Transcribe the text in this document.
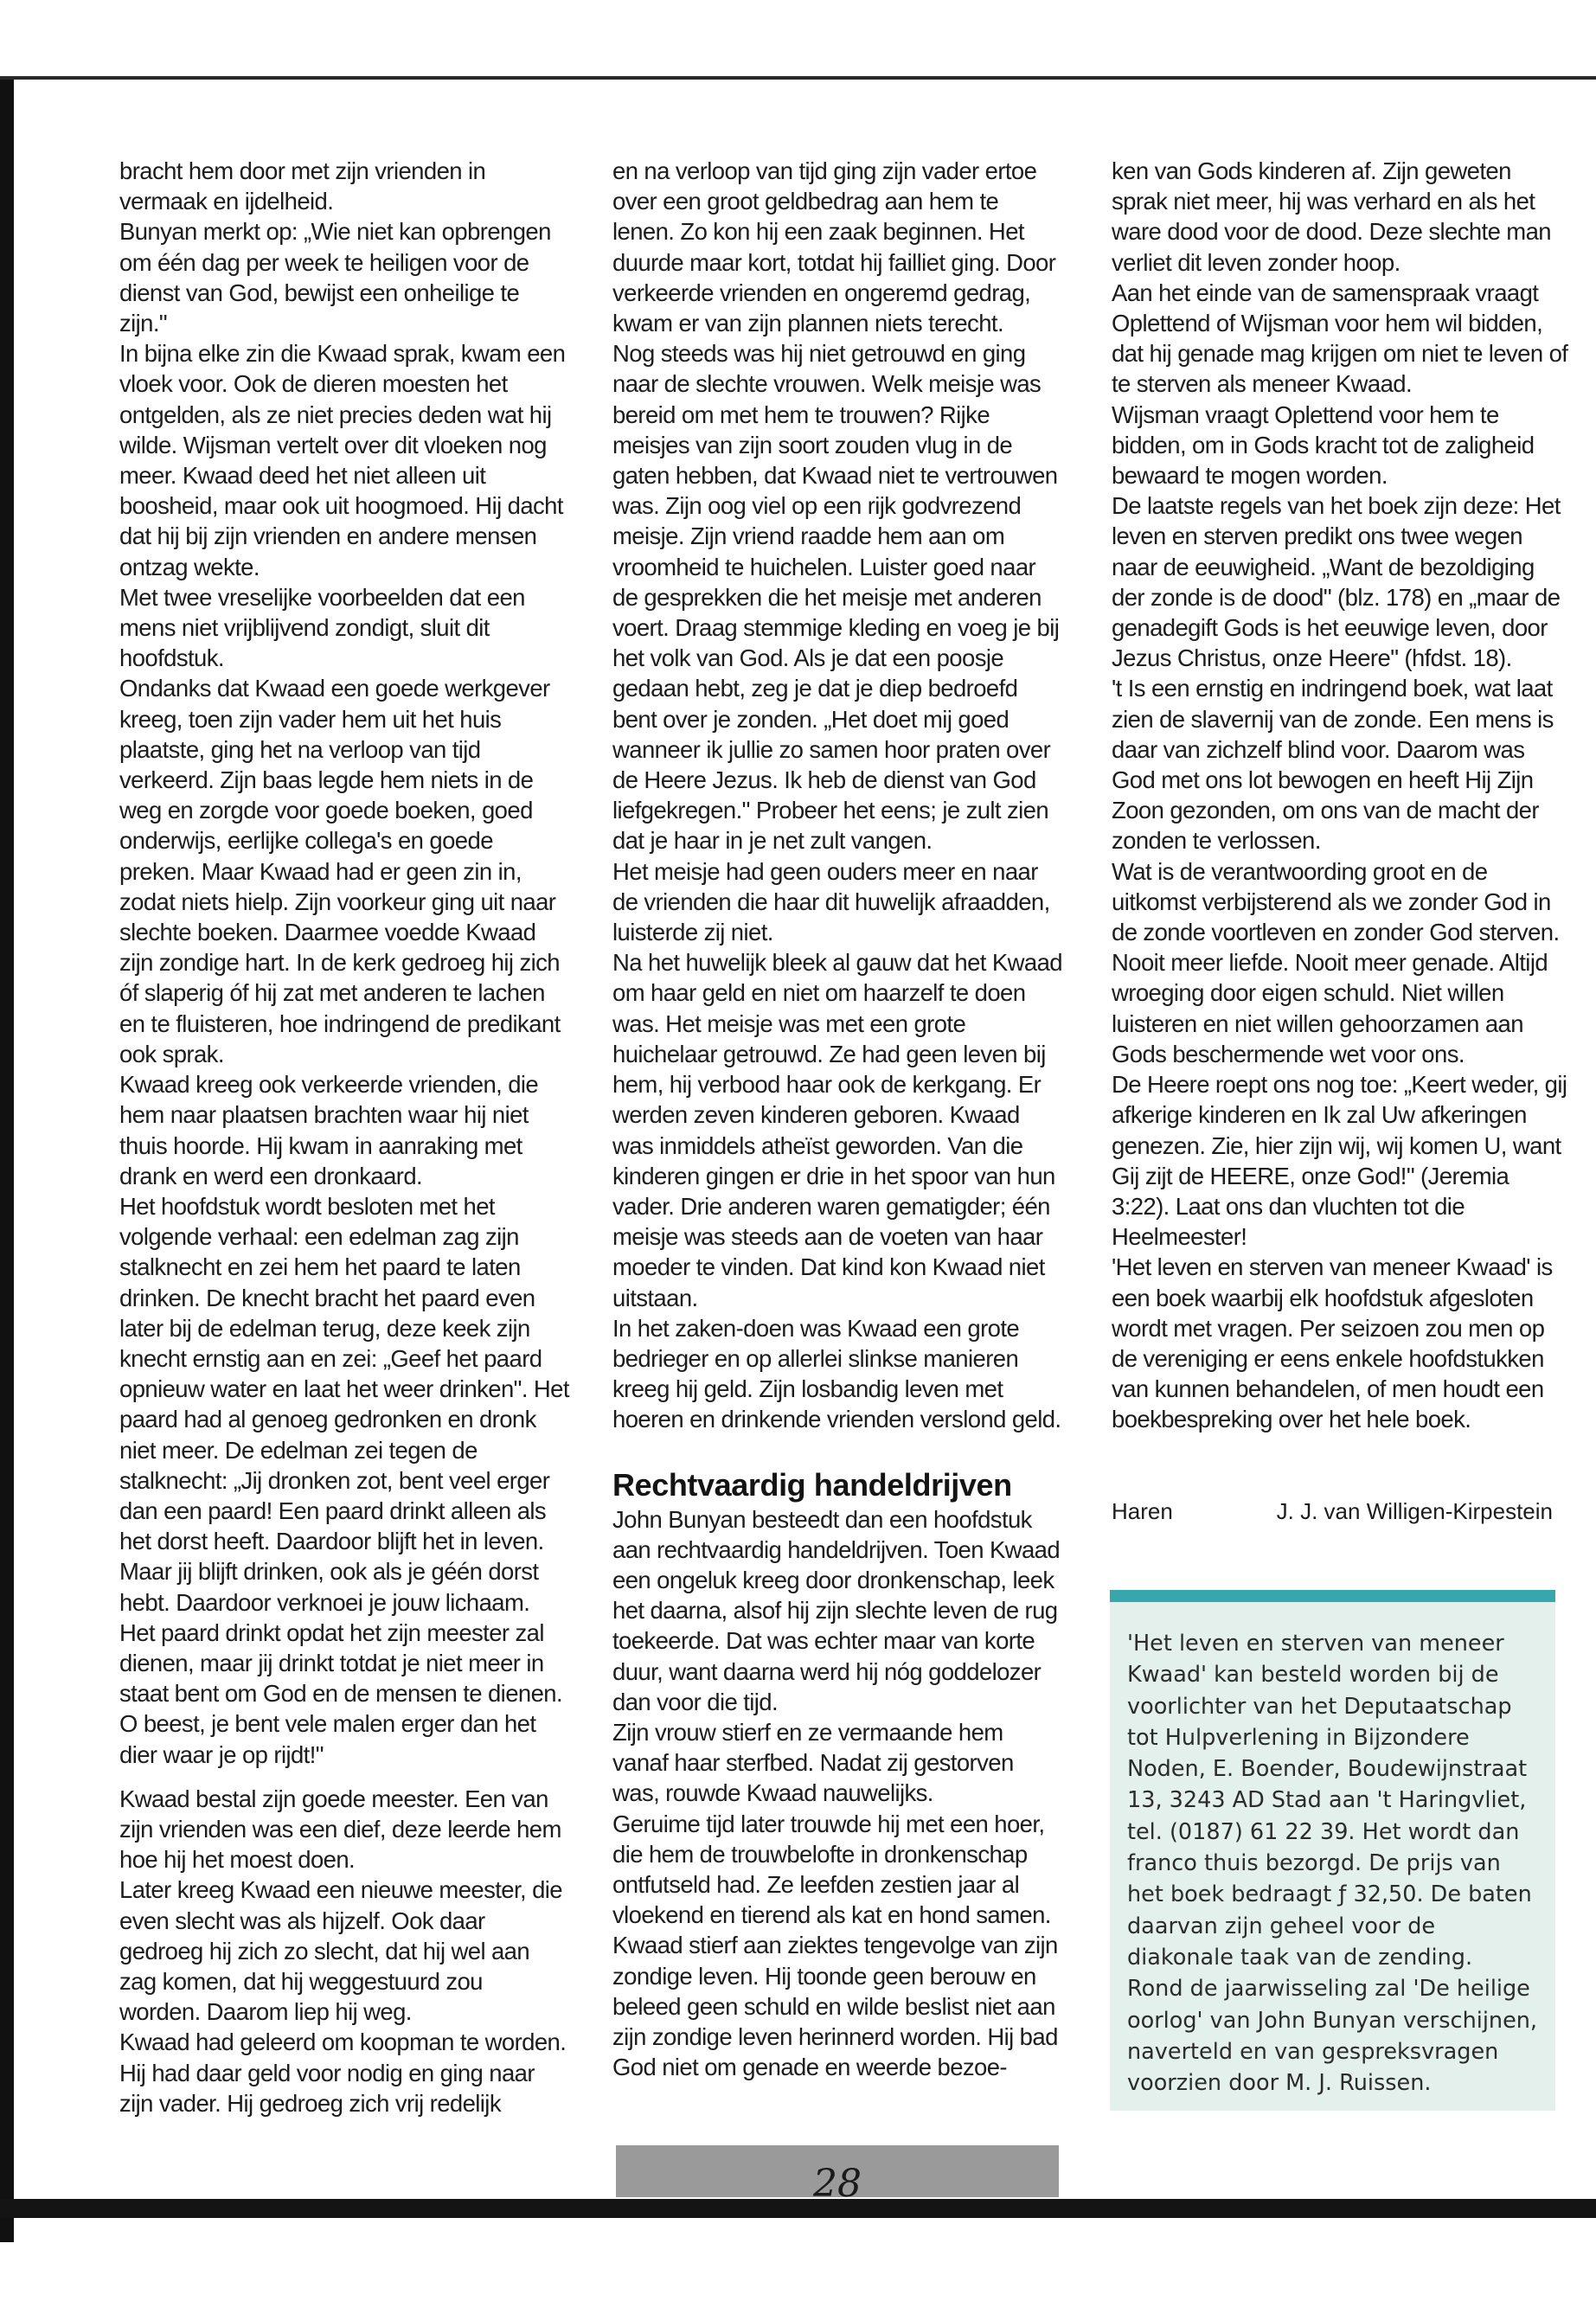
bracht hem door met zijn vrienden in vermaak en ijdelheid.

Bunyan merkt op: „Wie niet kan opbrengen om één dag per week te heiligen voor de dienst van God, bewijst een onheilige te zijn."

In bijna elke zin die Kwaad sprak, kwam een vloek voor. Ook de dieren moesten het ontgelden, als ze niet precies deden wat hij wilde. Wijsman vertelt over dit vloeken nog meer. Kwaad deed het niet alleen uit boosheid, maar ook uit hoogmoed. Hij dacht dat hij bij zijn vrienden en andere mensen ontzag wekte.

Met twee vreselijke voorbeelden dat een mens niet vrijblijvend zondigt, sluit dit hoofdstuk.

Ondanks dat Kwaad een goede werkgever kreeg, toen zijn vader hem uit het huis plaatste, ging het na verloop van tijd verkeerd. Zijn baas legde hem niets in de weg en zorgde voor goede boeken, goed onderwijs, eerlijke collega's en goede preken. Maar Kwaad had er geen zin in, zodat niets hielp. Zijn voorkeur ging uit naar slechte boeken. Daarmee voedde Kwaad zijn zondige hart. In de kerk gedroeg hij zich óf slaperig óf hij zat met anderen te lachen en te fluisteren, hoe indringend de predikant ook sprak.

Kwaad kreeg ook verkeerde vrienden, die hem naar plaatsen brachten waar hij niet thuis hoorde. Hij kwam in aanraking met drank en werd een dronkaard.

Het hoofdstuk wordt besloten met het volgende verhaal: een edelman zag zijn stalknecht en zei hem het paard te laten drinken. De knecht bracht het paard even later bij de edelman terug, deze keek zijn knecht ernstig aan en zei: „Geef het paard opnieuw water en laat het weer drinken". Het paard had al genoeg gedronken en dronk niet meer. De edelman zei tegen de stalknecht: „Jij dronken zot, bent veel erger dan een paard! Een paard drinkt alleen als het dorst heeft. Daardoor blijft het in leven. Maar jij blijft drinken, ook als je géén dorst hebt. Daardoor verknoei je jouw lichaam. Het paard drinkt opdat het zijn meester zal dienen, maar jij drinkt totdat je niet meer in staat bent om God en de mensen te dienen. O beest, je bent vele malen erger dan het dier waar je op rijdt!"

Kwaad bestal zijn goede meester. Een van zijn vrienden was een dief, deze leerde hem hoe hij het moest doen.

Later kreeg Kwaad een nieuwe meester, die even slecht was als hijzelf. Ook daar gedroeg hij zich zo slecht, dat hij wel aan zag komen, dat hij weggestuurd zou worden. Daarom liep hij weg.

Kwaad had geleerd om koopman te worden. Hij had daar geld voor nodig en ging naar zijn vader. Hij gedroeg zich vrij redelijk

en na verloop van tijd ging zijn vader ertoe over een groot geldbedrag aan hem te lenen. Zo kon hij een zaak beginnen. Het duurde maar kort, totdat hij failliet ging. Door verkeerde vrienden en ongeremd gedrag, kwam er van zijn plannen niets terecht.

Nog steeds was hij niet getrouwd en ging naar de slechte vrouwen. Welk meisje was bereid om met hem te trouwen? Rijke meisjes van zijn soort zouden vlug in de gaten hebben, dat Kwaad niet te vertrouwen was. Zijn oog viel op een rijk godvrezend meisje. Zijn vriend raadde hem aan om vroomheid te huichelen. Luister goed naar de gesprekken die het meisje met anderen voert. Draag stemmige kleding en voeg je bij het volk van God. Als je dat een poosje gedaan hebt, zeg je dat je diep bedroefd bent over je zonden. „Het doet mij goed wanneer ik jullie zo samen hoor praten over de Heere Jezus. Ik heb de dienst van God liefgekregen." Probeer het eens; je zult zien dat je haar in je net zult vangen.

Het meisje had geen ouders meer en naar de vrienden die haar dit huwelijk afraadden, luisterde zij niet.

Na het huwelijk bleek al gauw dat het Kwaad om haar geld en niet om haarzelf te doen was. Het meisje was met een grote huichelaar getrouwd. Ze had geen leven bij hem, hij verbood haar ook de kerkgang. Er werden zeven kinderen geboren. Kwaad was inmiddels atheïst geworden. Van die kinderen gingen er drie in het spoor van hun vader. Drie anderen waren gematigder; één meisje was steeds aan de voeten van haar moeder te vinden. Dat kind kon Kwaad niet uitstaan.

In het zaken-doen was Kwaad een grote bedrieger en op allerlei slinkse manieren kreeg hij geld. Zijn losbandig leven met hoeren en drinkende vrienden verslond geld.

Rechtvaardig handeldrijven

John Bunyan besteedt dan een hoofdstuk aan rechtvaardig handeldrijven. Toen Kwaad een ongeluk kreeg door dronkenschap, leek het daarna, alsof hij zijn slechte leven de rug toekeerde. Dat was echter maar van korte duur, want daarna werd hij nóg goddelozer dan voor die tijd.

Zijn vrouw stierf en ze vermaande hem vanaf haar sterfbed. Nadat zij gestorven was, rouwde Kwaad nauwelijks.

Geruime tijd later trouwde hij met een hoer, die hem de trouwbelofte in dronkenschap ontfutseld had. Ze leefden zestien jaar al vloekend en tierend als kat en hond samen. Kwaad stierf aan ziektes tengevolge van zijn zondige leven. Hij toonde geen berouw en beleed geen schuld en wilde beslist niet aan zijn zondige leven herinnerd worden. Hij bad God niet om genade en weerde bezoe-

ken van Gods kinderen af. Zijn geweten sprak niet meer, hij was verhard en als het ware dood voor de dood. Deze slechte man verliet dit leven zonder hoop.

Aan het einde van de samenspraak vraagt Oplettend of Wijsman voor hem wil bidden, dat hij genade mag krijgen om niet te leven of te sterven als meneer Kwaad.

Wijsman vraagt Oplettend voor hem te bidden, om in Gods kracht tot de zaligheid bewaard te mogen worden.

De laatste regels van het boek zijn deze: Het leven en sterven predikt ons twee wegen naar de eeuwigheid. „Want de bezoldiging der zonde is de dood" (blz. 178) en „maar de genadegift Gods is het eeuwige leven, door Jezus Christus, onze Heere" (hfdst. 18).

't Is een ernstig en indringend boek, wat laat zien de slavernij van de zonde. Een mens is daar van zichzelf blind voor. Daarom was God met ons lot bewogen en heeft Hij Zijn Zoon gezonden, om ons van de macht der zonden te verlossen.

Wat is de verantwoording groot en de uitkomst verbijsterend als we zonder God in de zonde voortleven en zonder God sterven. Nooit meer liefde. Nooit meer genade. Altijd wroeging door eigen schuld. Niet willen luisteren en niet willen gehoorzamen aan Gods beschermende wet voor ons.

De Heere roept ons nog toe: „Keert weder, gij afkerige kinderen en Ik zal Uw afkeringen genezen. Zie, hier zijn wij, wij komen U, want Gij zijt de HEERE, onze God!" (Jeremia 3:22). Laat ons dan vluchten tot die Heelmeester!

'Het leven en sterven van meneer Kwaad' is een boek waarbij elk hoofdstuk afgesloten wordt met vragen. Per seizoen zou men op de vereniging er eens enkele hoofdstukken van kunnen behandelen, of men houdt een boekbespreking over het hele boek.

Haren	J. J. van Willigen-Kirpestein

'Het leven en sterven van meneer Kwaad' kan besteld worden bij de voorlichter van het Deputaatschap tot Hulpverlening in Bijzondere Noden, E. Boender, Boudewijnstraat 13, 3243 AD Stad aan 't Haringvliet, tel. (0187) 61 22 39. Het wordt dan franco thuis bezorgd. De prijs van het boek bedraagt ƒ 32,50. De baten daarvan zijn geheel voor de diakonale taak van de zending.

Rond de jaarwisseling zal 'De heilige oorlog' van John Bunyan verschijnen, naverteld en van gespreksvragen voorzien door M. J. Ruissen.

28
